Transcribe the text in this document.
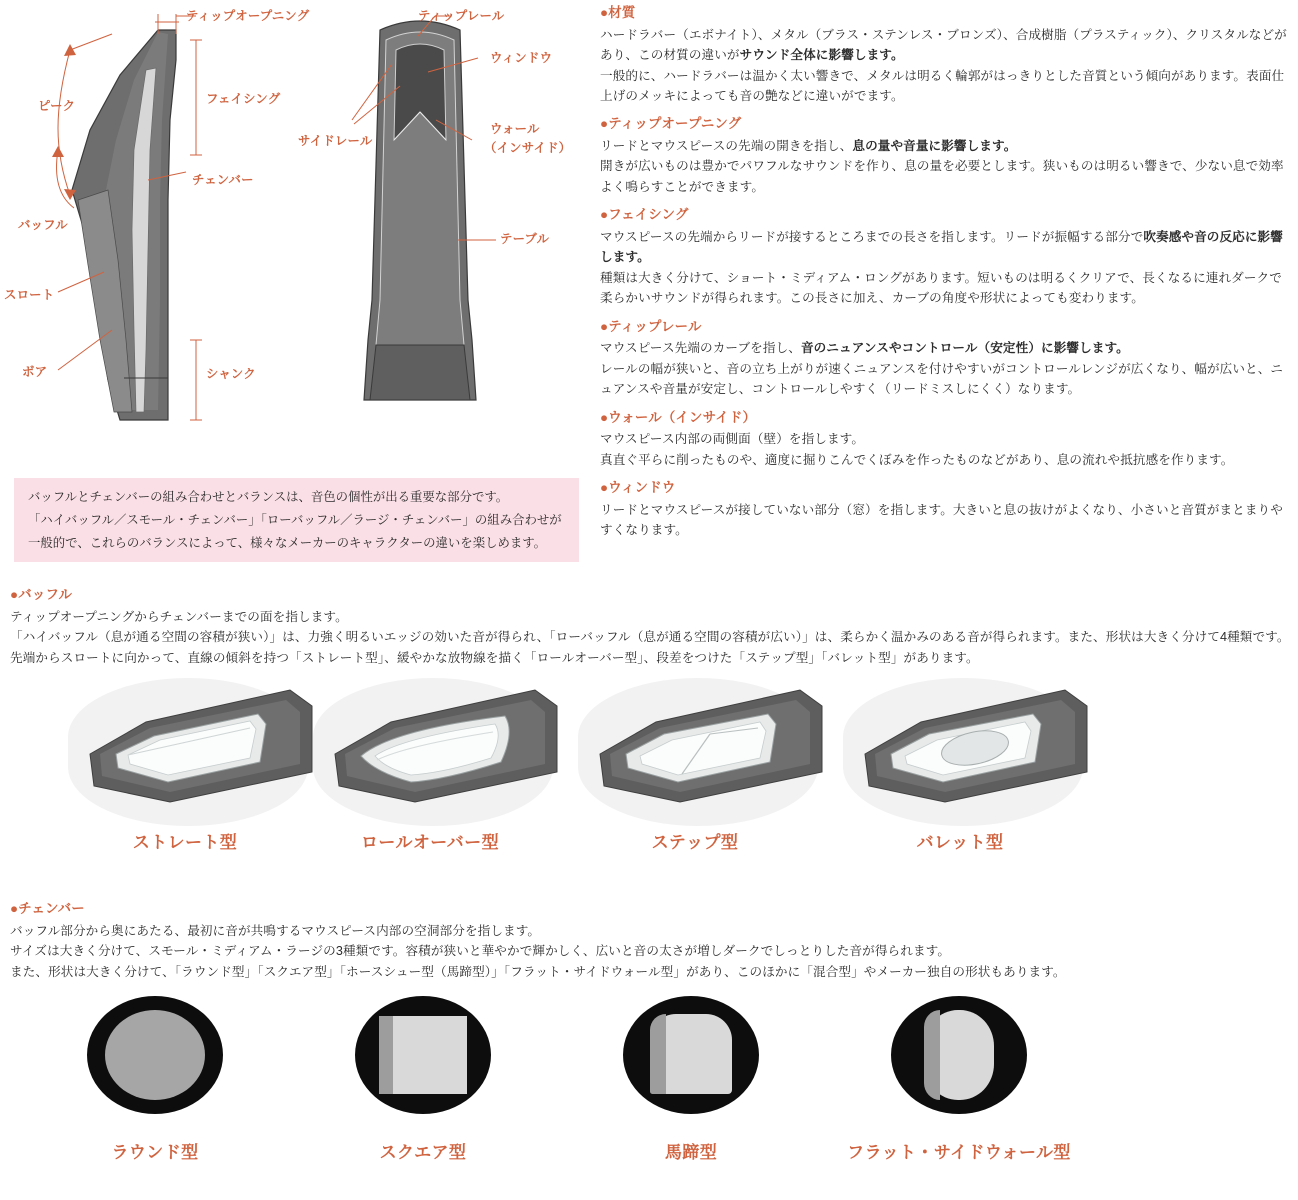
ティップオープニング
フェイシング
ピーク
チェンバー
バッフル
スロート
ボア	シャンク
ティップレール
ウィンドウ
サイドレール
ウォール
（インサイド）
テーブル
●材質
ハードラバー（エボナイト）、メタル（ブラス・ステンレス・ブロンズ）、合成樹脂（プラスティック）、クリスタルなどがあり、この材質の違いがサウンド全体に影響します。
一般的に、ハードラバーは温かく太い響きで、メタルは明るく輪郭がはっきりとした音質という傾向があります。表面仕上げのメッキによっても音の艶などに違いがでます。
●ティップオープニング
リードとマウスピースの先端の開きを指し、息の量や音量に影響します。
開きが広いものは豊かでパワフルなサウンドを作り、息の量を必要とします。狭いものは明るい響きで、少ない息で効率よく鳴らすことができます。
●フェイシング
マウスピースの先端からリードが接するところまでの長さを指します。リードが振幅する部分で吹奏感や音の反応に影響します。
種類は大きく分けて、ショート・ミディアム・ロングがあります。短いものは明るくクリアで、長くなるに連れダークで柔らかいサウンドが得られます。この長さに加え、カーブの角度や形状によっても変わります。
●ティップレール
マウスピース先端のカーブを指し、音のニュアンスやコントロール（安定性）に影響します。
レールの幅が狭いと、音の立ち上がりが速くニュアンスを付けやすいがコントロールレンジが広くなり、幅が広いと、ニュアンスや音量が安定し、コントロールしやすく（リードミスしにくく）なります。
●ウォール（インサイド）
マウスピース内部の両側面（壁）を指します。
真直ぐ平らに削ったものや、適度に掘りこんでくぼみを作ったものなどがあり、息の流れや抵抗感を作ります。
●ウィンドウ
リードとマウスピースが接していない部分（窓）を指します。大きいと息の抜けがよくなり、小さいと音質がまとまりやすくなります。

バッフルとチェンバーの組み合わせとバランスは、音色の個性が出る重要な部分です。

「ハイバッフル／スモール・チェンバー」「ローバッフル／ラージ・チェンバー」の組み合わせが

一般的で、これらのバランスによって、様々なメーカーのキャラクターの違いを楽しめます。

●バッフル
ティップオープニングからチェンバーまでの面を指します。
「ハイバッフル（息が通る空間の容積が狭い）」は、力強く明るいエッジの効いた音が得られ、「ローバッフル（息が通る空間の容積が広い）」は、柔らかく温かみのある音が得られます。また、形状は大きく分けて4種類です。先端からスロートに向かって、直線の傾斜を持つ「ストレート型」、緩やかな放物線を描く「ロールオーバー型」、段差をつけた「ステップ型」「バレット型」があります。
ストレート型	ロールオーバー型	ステップ型	バレット型
●チェンバー
バッフル部分から奥にあたる、最初に音が共鳴するマウスピース内部の空洞部分を指します。
サイズは大きく分けて、スモール・ミディアム・ラージの3種類です。容積が狭いと華やかで輝かしく、広いと音の太さが増しダークでしっとりした音が得られます。
また、形状は大きく分けて、「ラウンド型」「スクエア型」「ホースシュー型（馬蹄型）」「フラット・サイドウォール型」があり、このほかに「混合型」やメーカー独自の形状もあります。
ラウンド型	スクエア型	馬蹄型	フラット・サイドウォール型
